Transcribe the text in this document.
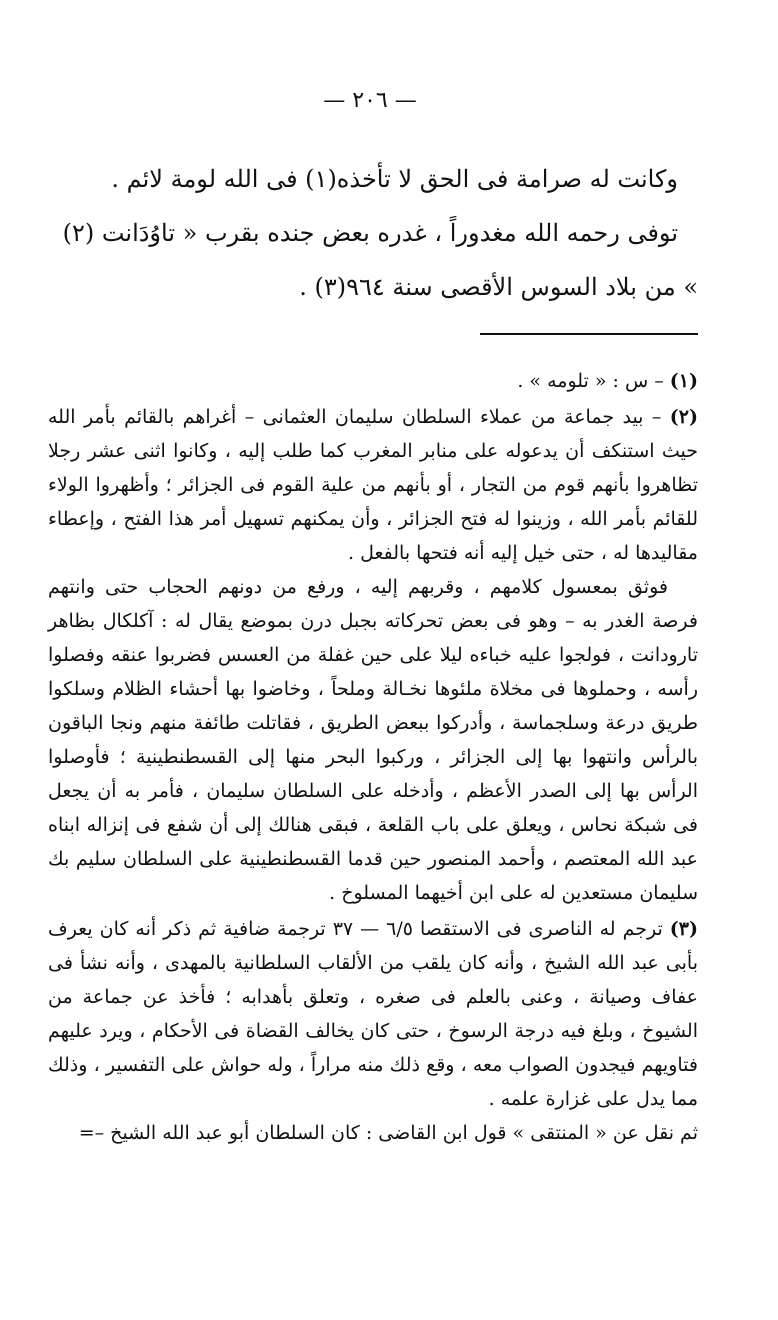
— ٢٠٦ —

وكانت له صرامة فى الحق لا تأخذه(١) فى الله لومة لائم .

توفى رحمه الله مغدوراً ، غدره بعض جنده بقرب « تاوُدَانت (٢) » من بلاد السوس الأقصى سنة ٩٦٤(٣) .

(١) – س : « تلومه » .

(٢) – بيد جماعة من عملاء السلطان سليمان العثمانى – أغراهم بالقائم بأمر الله حيث استنكف أن يدعوله على منابر المغرب كما طلب إليه ، وكانوا اثنى عشر رجلا تظاهروا بأنهم قوم من التجار ، أو بأنهم من علية القوم فى الجزائر ؛ وأظهروا الولاء للقائم بأمر الله ، وزينوا له فتح الجزائر ، وأن يمكنهم تسهيل أمر هذا الفتح ، وإعطاء مقاليدها له ، حتى خيل إليه أنه فتحها بالفعل .

فوثق بمعسول كلامهم ، وقربهم إليه ، ورفع من دونهم الحجاب حتى وانتهم فرصة الغدر به – وهو فى بعض تحركاته بجبل درن بموضع يقال له : آكلكال بظاهر تارودانت ، فولجوا عليه خباءه ليلا على حين غفلة من العسس فضربوا عنقه وفصلوا رأسه ، وحملوها فى مخلاة ملئوها نخـالة وملحاً ، وخاضوا بها أحشاء الظلام وسلكوا طريق درعة وسلجماسة ، وأدركوا ببعض الطريق ، فقاتلت طائفة منهم ونجا الباقون بالرأس وانتهوا بها إلى الجزائر ، وركبوا البحر منها إلى القسطنطينية ؛ فأوصلوا الرأس بها إلى الصدر الأعظم ، وأدخله على السلطان سليمان ، فأمر به أن يجعل فى شبكة نحاس ، ويعلق على باب القلعة ، فبقى هنالك إلى أن شفع فى إنزاله ابناه عبد الله المعتصم ، وأحمد المنصور حين قدما القسطنطينية على السلطان سليم بك سليمان مستعدين له على ابن أخيهما المسلوخ .

(٣) ترجم له الناصرى فى الاستقصا ٦/٥ — ٣٧ ترجمة ضافية ثم ذكر أنه كان يعرف بأبى عبد الله الشيخ ، وأنه كان يلقب من الألقاب السلطانية بالمهدى ، وأنه نشأ فى عفاف وصيانة ، وعنى بالعلم فى صغره ، وتعلق بأهدابه ؛ فأخذ عن جماعة من الشيوخ ، وبلغ فيه درجة الرسوخ ، حتى كان يخالف القضاة فى الأحكام ، ويرد عليهم فتاويهم فيجدون الصواب معه ، وقع ذلك منه مراراً ، وله حواش على التفسير ، وذلك مما يدل على غزارة علمه .

ثم نقل عن « المنتقى » قول ابن القاضى : كان السلطان أبو عبد الله الشيخ –=
